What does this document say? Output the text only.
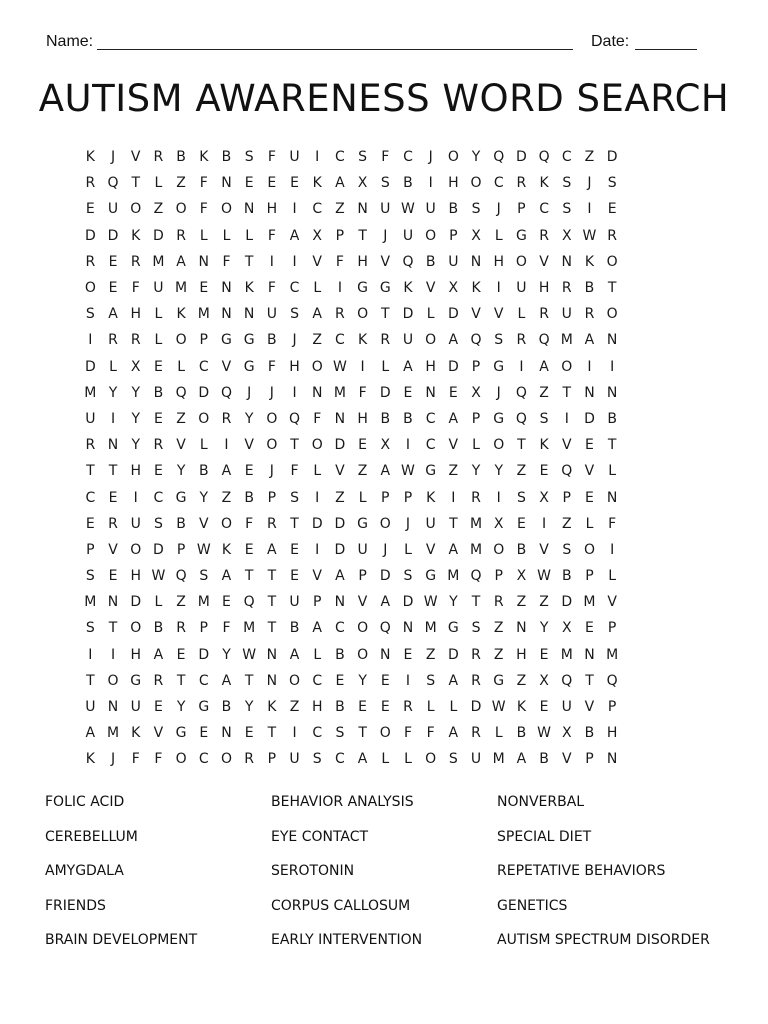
Name:	Date:
AUTISM AWARENESS WORD SEARCH
K	J	V R B K B S	F U	I	C S	F C	J	O Y Q D Q C Z D
R Q T	L Z F N E E E K A X S B	I	H O C R K S	J	S
E U O Z O F O N H	I	C Z N U W U B S	J	P C S	I	E
D D K D R L	L	L	F A X P	T	J	U O P X L G R X W R
R E R M A N F	T	I	I	V F H V Q B U N H O V N K O
O E	F U M E N K	F C L	I	G G K V X K	I	U H R B T
S A H L	K M N N U S A R O T D L D V V	L R U R O
I	R R L O P G G B	J	Z C K R U O A Q S R Q M A N
D L X E	L C V G F H O W I	L A H D P G	I	A O	I	I
M Y	Y B Q D Q	J	J	I	N M F D E N E X	J	Q Z T N N
U	I	Y E Z O R Y O Q F N H B B C A P G Q S	I	D B
R N Y R V	L	I	V O T O D E X	I	C V	L O T K V E T
T	T H E Y B A E	J	F	L V Z A W G Z Y	Y Z E Q V	L
C E	I	C G Y Z B P	S	I	Z L	P	P K	I	R	I	S X P	E N
E R U S B V O F R T D D G O	J	U T M X E	I	Z L	F
P V O D P W K E A E	I	D U	J	L V A M O B V S O	I
S E H W Q S A T	T E V A P D S G M Q P X W B P	L
M N D L Z M E Q T U P N V A D W Y	T R Z Z D M V
S T O B R P	F M T B A C O Q N M G S Z N Y X E	P
I	I	H A E D Y W N A	L B O N E Z D R Z H E M N M
T O G R T C A T N O C E Y E	I	S A R G Z X Q T Q
U N U E Y G B Y K Z H B E E R L	L D W K E U V P
A M K V G E N E T	I	C S T O F	F A R L B W X B H
K	J	F	F O C O R P U S C A	L	L O S U M A B V P N
FOLIC ACID
CEREBELLUM
AMYGDALA
FRIENDS
BRAIN DEVELOPMENT
BEHAVIOR ANALYSIS
EYE CONTACT
SEROTONIN
CORPUS CALLOSUM
EARLY INTERVENTION
NONVERBAL
SPECIAL DIET
REPETATIVE BEHAVIORS
GENETICS
AUTISM SPECTRUM DISORDER
